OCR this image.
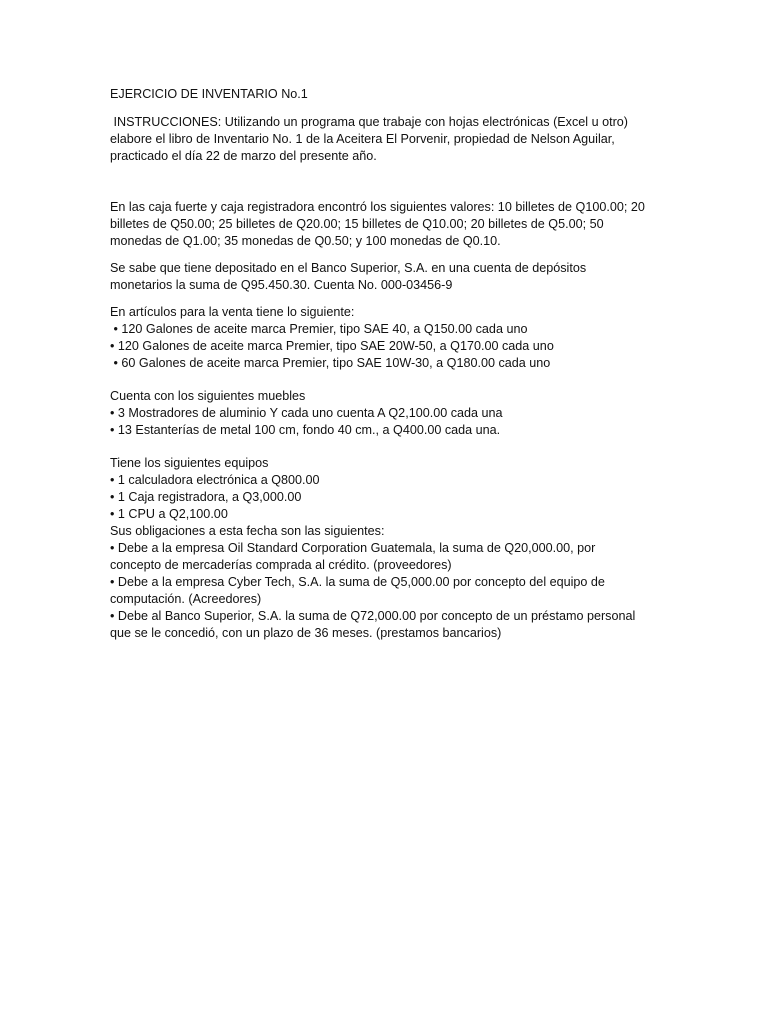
EJERCICIO DE INVENTARIO No.1

INSTRUCCIONES: Utilizando un programa que trabaje con hojas electrónicas (Excel u otro)
elabore el libro de Inventario No. 1 de la Aceitera El Porvenir, propiedad de Nelson Aguilar,
practicado el día 22 de marzo del presente año.
En las caja fuerte y caja registradora encontró los siguientes valores: 10 billetes de Q100.00; 20
billetes de Q50.00; 25 billetes de Q20.00; 15 billetes de Q10.00; 20 billetes de Q5.00; 50
monedas de Q1.00; 35 monedas de Q0.50; y 100 monedas de Q0.10.
Se sabe que tiene depositado en el Banco Superior, S.A. en una cuenta de depósitos
monetarios la suma de Q95.450.30. Cuenta No. 000-03456-9
En artículos para la venta tiene lo siguiente:
• 120 Galones de aceite marca Premier, tipo SAE 40, a Q150.00 cada uno
• 120 Galones de aceite marca Premier, tipo SAE 20W-50, a Q170.00 cada uno
• 60 Galones de aceite marca Premier, tipo SAE 10W-30, a Q180.00 cada uno
Cuenta con los siguientes muebles
• 3 Mostradores de aluminio Y cada uno cuenta A Q2,100.00 cada una
• 13 Estanterías de metal 100 cm, fondo 40 cm., a Q400.00 cada una.
Tiene los siguientes equipos
• 1 calculadora electrónica a Q800.00
• 1 Caja registradora, a Q3,000.00
• 1 CPU a Q2,100.00
Sus obligaciones a esta fecha son las siguientes:
• Debe a la empresa Oil Standard Corporation Guatemala, la suma de Q20,000.00, por
concepto de mercaderías comprada al crédito. (proveedores)
• Debe a la empresa Cyber Tech, S.A. la suma de Q5,000.00 por concepto del equipo de
computación. (Acreedores)
• Debe al Banco Superior, S.A. la suma de Q72,000.00 por concepto de un préstamo personal
que se le concedió, con un plazo de 36 meses. (prestamos bancarios)
